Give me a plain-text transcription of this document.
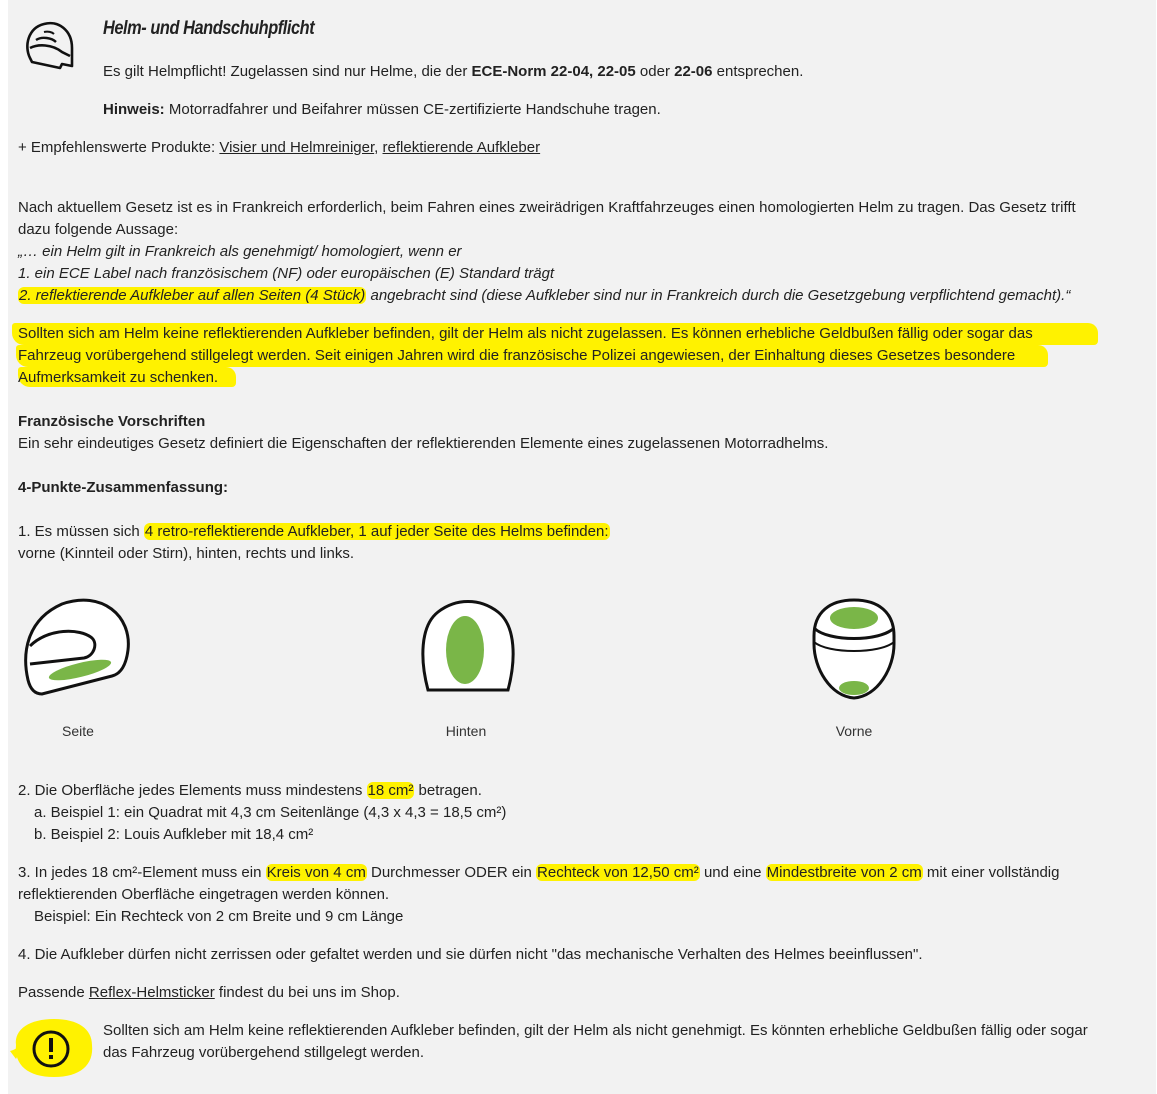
Helm- und Handschuhpflicht
Es gilt Helmpflicht! Zugelassen sind nur Helme, die der ECE-Norm 22-04, 22-05 oder 22-06 entsprechen.
Hinweis: Motorradfahrer und Beifahrer müssen CE-zertifizierte Handschuhe tragen.
+ Empfehlenswerte Produkte: Visier und Helmreiniger, reflektierende Aufkleber
Nach aktuellem Gesetz ist es in Frankreich erforderlich, beim Fahren eines zweirädrigen Kraftfahrzeuges einen homologierten Helm zu tragen. Das Gesetz trifft
dazu folgende Aussage:
„… ein Helm gilt in Frankreich als genehmigt/ homologiert, wenn er
1. ein ECE Label nach französischem (NF) oder europäischen (E) Standard trägt
2. reflektierende Aufkleber auf allen Seiten (4 Stück) angebracht sind (diese Aufkleber sind nur in Frankreich durch die Gesetzgebung verpflichtend gemacht).“
Sollten sich am Helm keine reflektierenden Aufkleber befinden, gilt der Helm als nicht zugelassen. Es können erhebliche Geldbußen fällig oder sogar das
Fahrzeug vorübergehend stillgelegt werden. Seit einigen Jahren wird die französische Polizei angewiesen, der Einhaltung dieses Gesetzes besondere
Aufmerksamkeit zu schenken.
Französische Vorschriften
Ein sehr eindeutiges Gesetz definiert die Eigenschaften der reflektierenden Elemente eines zugelassenen Motorradhelms.
4-Punkte-Zusammenfassung:
1. Es müssen sich 4 retro-reflektierende Aufkleber, 1 auf jeder Seite des Helms befinden:
vorne (Kinnteil oder Stirn), hinten, rechts und links.
Seite	Hinten	Vorne
2. Die Oberfläche jedes Elements muss mindestens 18 cm² betragen.
a. Beispiel 1: ein Quadrat mit 4,3 cm Seitenlänge (4,3 x 4,3 = 18,5 cm²)
b. Beispiel 2: Louis Aufkleber mit 18,4 cm²
3. In jedes 18 cm²-Element muss ein Kreis von 4 cm Durchmesser ODER ein Rechteck von 12,50 cm² und eine Mindestbreite von 2 cm mit einer vollständig
reflektierenden Oberfläche eingetragen werden können.
Beispiel: Ein Rechteck von 2 cm Breite und 9 cm Länge
4. Die Aufkleber dürfen nicht zerrissen oder gefaltet werden und sie dürfen nicht "das mechanische Verhalten des Helmes beeinflussen".
Passende Reflex-Helmsticker findest du bei uns im Shop.
Sollten sich am Helm keine reflektierenden Aufkleber befinden, gilt der Helm als nicht genehmigt. Es könnten erhebliche Geldbußen fällig oder sogar
das Fahrzeug vorübergehend stillgelegt werden.
